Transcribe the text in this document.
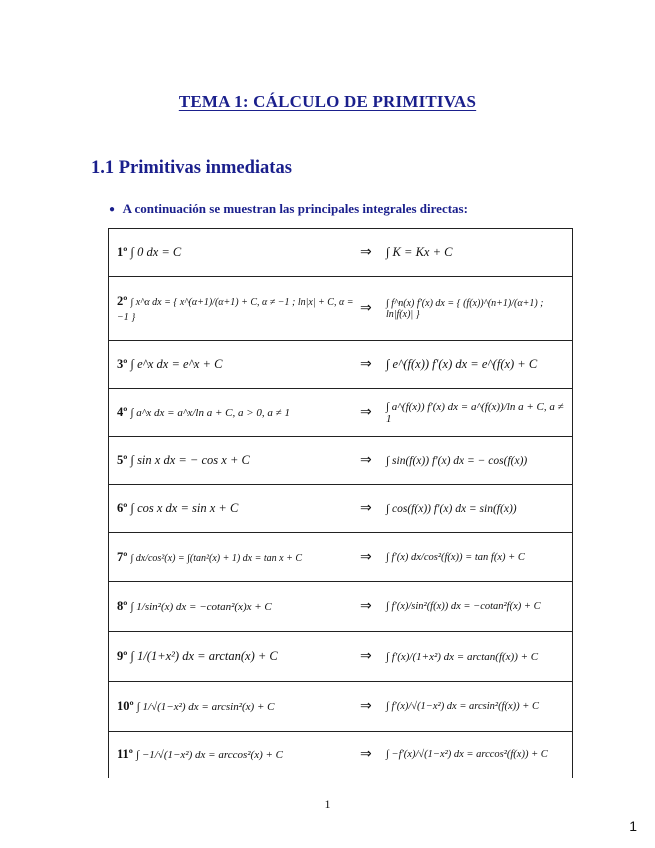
TEMA 1: CÁLCULO DE PRIMITIVAS
1.1 Primitivas inmediatas
● A continuación se muestran las principales integrales directas:
1º ∫ 0 dx = C	⇒	∫ K = Kx + C
2º ∫ x^α dx = { x^(α+1)/(α+1) + C, α ≠ −1 ; ln|x| + C, α = −1 }	⇒	∫ f^n(x) f′(x) dx = { (f(x))^(n+1)/(α+1) ; ln|f(x)| }
3º ∫ e^x dx = e^x + C	⇒	∫ e^(f(x)) f′(x) dx = e^(f(x) + C
4º ∫ a^x dx = a^x/ln a + C, a > 0, a ≠ 1	⇒	∫ a^(f(x)) f′(x) dx = a^(f(x))/ln a + C, a ≠ 1
5º ∫ sin x dx = − cos x + C	⇒	∫ sin(f(x)) f′(x) dx = − cos(f(x))
6º ∫ cos x dx = sin x + C	⇒	∫ cos(f(x)) f′(x) dx = sin(f(x))
7º ∫ dx/cos²(x) = ∫(tan²(x) + 1) dx = tan x + C	⇒	∫ f′(x) dx/cos²(f(x)) = tan f(x) + C
8º ∫ 1/sin²(x) dx = −cotan²(x)x + C	⇒	∫ f′(x)/sin²(f(x)) dx = −cotan²f(x) + C
9º ∫ 1/(1+x²) dx = arctan(x) + C	⇒	∫ f′(x)/(1+x²) dx = arctan(f(x)) + C
10º ∫ 1/√(1−x²) dx = arcsin²(x) + C	⇒	∫ f′(x)/√(1−x²) dx = arcsin²(f(x)) + C
11º ∫ −1/√(1−x²) dx = arccos²(x) + C	⇒	∫ −f′(x)/√(1−x²) dx = arccos²(f(x)) + C
1
1
